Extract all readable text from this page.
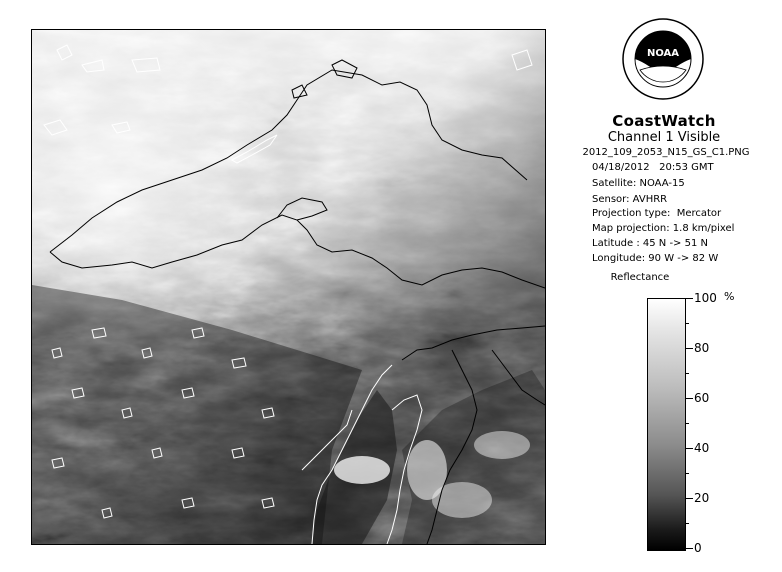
NOAA
CoastWatch
Channel 1 Visible
2012_109_2053_N15_GS_C1.PNG
04/18/2012   20:53 GMT
Satellite: NOAA-15
Sensor: AVHRR
Projection type:  Mercator
Map projection: 1.8 km/pixel
Latitude : 45 N -> 51 N
Longitude: 90 W -> 82 W
Reflectance
%
100
80
60
40
20
0
